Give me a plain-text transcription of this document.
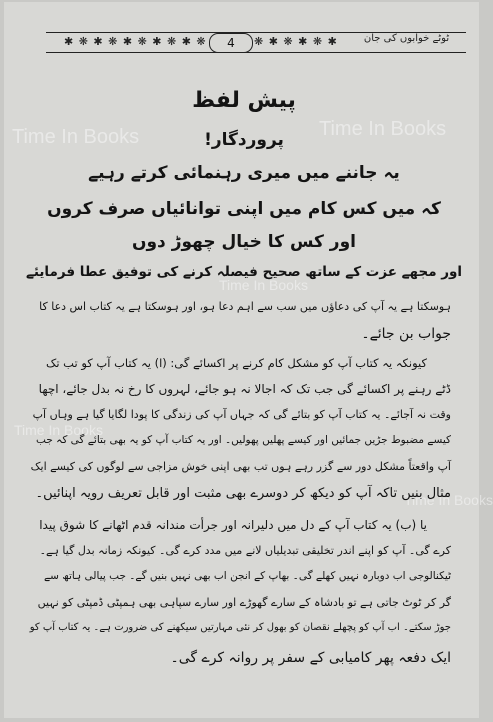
✱ ❋ ✱ ❋ ✱ ❋ ✱ ❋ ✱ ❋	4	❋ ✱ ❋ ✱ ❋ ✱	ٹوٹے خوابوں کی جان
Time In Books	Time In Books
Time In Books
Time In Books
Time In Books
پیش لفظ
پروردگار!
یہ جاننے میں میری رہنمائی کرتے رہیے
کہ میں کس کام میں اپنی توانائیاں صرف کروں
اور کس کا خیال چھوڑ دوں
اور مجھے عزت کے ساتھ صحیح فیصلہ کرنے کی توفیق عطا فرمایئے
ہوسکتا ہے یہ آپ کی دعاؤں میں سب سے اہم دعا ہو، اور ہوسکتا ہے یہ کتاب اس دعا کا
جواب بن جائے۔
کیونکہ یہ کتاب آپ کو مشکل کام کرنے پر اکسائے گی: (ا) یہ کتاب آپ کو تب تک
ڈٹے رہنے پر اکسائے گی جب تک کہ اجالا نہ ہو جائے، لہروں کا رخ نہ بدل جائے، اچھا
وقت نہ آجائے۔ یہ کتاب آپ کو بتائے گی کہ جہاں آپ کی زندگی کا پودا لگایا گیا ہے وہاں آپ
کیسے مضبوط جڑیں جمائیں اور کیسے پھلیں پھولیں۔ اور یہ کتاب آپ کو یہ بھی بتائے گی کہ جب
آپ واقعتاً مشکل دور سے گزر رہے ہوں تب بھی اپنی خوش مزاجی سے لوگوں کی کیسے ایک
مثال بنیں تاکہ آپ کو دیکھ کر دوسرے بھی مثبت اور قابل تعریف رویہ اپنائیں۔
یا (ب) یہ کتاب آپ کے دل میں دلیرانہ اور جرأت مندانہ قدم اٹھانے کا شوق پیدا
کرے گی۔ آپ کو اپنے اندر تخلیقی تبدیلیاں لانے میں مدد کرے گی۔ کیونکہ زمانہ بدل گیا ہے۔
ٹیکنالوجی اب دوبارہ نہیں کھلے گی۔ بھاپ کے انجن اب بھی نہیں بنیں گے۔ جب پیالی ہاتھ سے
گر کر ٹوٹ جاتی ہے تو بادشاہ کے سارے گھوڑے اور سارے سپاہی بھی ہمپٹی ڈمپٹی کو نہیں
جوڑ سکتے۔ اب آپ کو پچھلے نقصان کو بھول کر نئی مہارتیں سیکھنے کی ضرورت ہے۔ یہ کتاب آپ کو
ایک دفعہ پھر کامیابی کے سفر پر روانہ کرے گی۔
